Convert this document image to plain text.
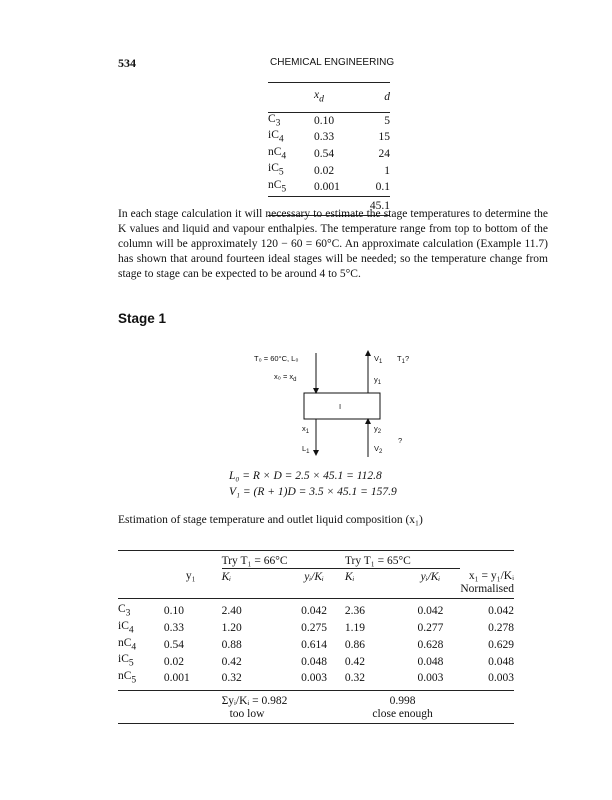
534	CHEMICAL ENGINEERING
	$x_d$	d
$C_3$	0.10	5
$iC_4$	0.33	15
$nC_4$	0.54	24
$iC_5$	0.02	1
$nC_5$	0.001	0.1
		45.1
In each stage calculation it will necessary to estimate the stage temperatures to determine the K values and liquid and vapour enthalpies. The temperature range from top to bottom of the column will be approximately 120 − 60 = 60°C. An approximate calculation (Example 11.7) has shown that around fourteen ideal stages will be needed; so the temperature change from stage to stage can be expected to be around 4 to 5°C.
Stage 1
I
T₀ = 60°C, L₀
$x_0 = x_d$
$V_1$ $T_1$?
$y_1$
$x_1$	$y_2$
?
$L_1$	$V_2$
L₀ = R × D = 2.5 × 45.1 = 112.8
V₁ = (R + 1)D = 3.5 × 45.1 = 157.9
Estimation of stage temperature and outlet liquid composition (x₁)
		Try T₁ = 66°C		Try T₁ = 65°C		
	y₁	Kᵢ	yᵢ/Kᵢ	Kᵢ	yᵢ/Kᵢ	x₁ = y₁/Kᵢ
						Normalised
$C_3$	0.10	2.40	0.042	2.36	0.042	0.042
$iC_4$	0.33	1.20	0.275	1.19	0.277	0.278
$nC_4$	0.54	0.88	0.614	0.86	0.628	0.629
$iC_5$	0.02	0.42	0.048	0.42	0.048	0.048
$nC_5$	0.001	0.32	0.003	0.32	0.003	0.003
		Σyᵢ/Kᵢ = 0.982		0.998		
		too low		close enough		
